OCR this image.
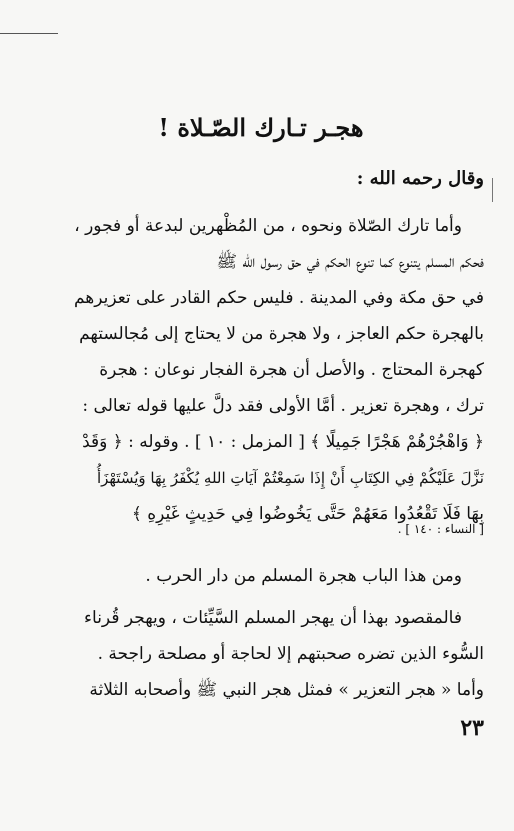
هجـر تـارك الصّـلاة !
وقال رحمه الله :
وأما تارك الصّلاة ونحوه ، من المُظْهرين لبدعة أو فجور ،
فحكم المسلم يتنوع كما تنوع الحكم في حق رسول الله ﷺ
في حق مكة وفي المدينة . فليس حكم القادر على تعزيرهم
بالهجرة حكم العاجز ، ولا هجرة من لا يحتاج إلى مُجالستهم
كهجرة المحتاج . والأصل أن هجرة الفجار نوعان : هجرة
ترك ، وهجرة تعزير . أمَّا الأولى فقد دلَّ عليها قوله تعالى :
﴿ وَاهْجُرْهُمْ هَجْرًا جَمِيلًا ﴾ [ المزمل : ١٠ ] . وقوله : ﴿ وَقَدْ
نَزَّلَ عَلَيْكُمْ فِي الكِتَابِ أَنْ إِذَا سَمِعْتُمْ آيَاتِ اللهِ يُكْفَرُ بِهَا وَيُسْتَهْزَأُ
بِهَا فَلَا تَقْعُدُوا مَعَهُمْ حَتَّى يَخُوضُوا فِي حَدِيثٍ غَيْرِهِ ﴾
[ النساء : ١٤٠ ] .
ومن هذا الباب هجرة المسلم من دار الحرب .
فالمقصود بهذا أن يهجر المسلم السَّيِّئات ، ويهجر قُرناء
السُّوء الذين تضره صحبتهم إلا لحاجة أو مصلحة راجحة .
وأما « هجر التعزير » فمثل هجر النبي ﷺ وأصحابه الثلاثة
٢٣
